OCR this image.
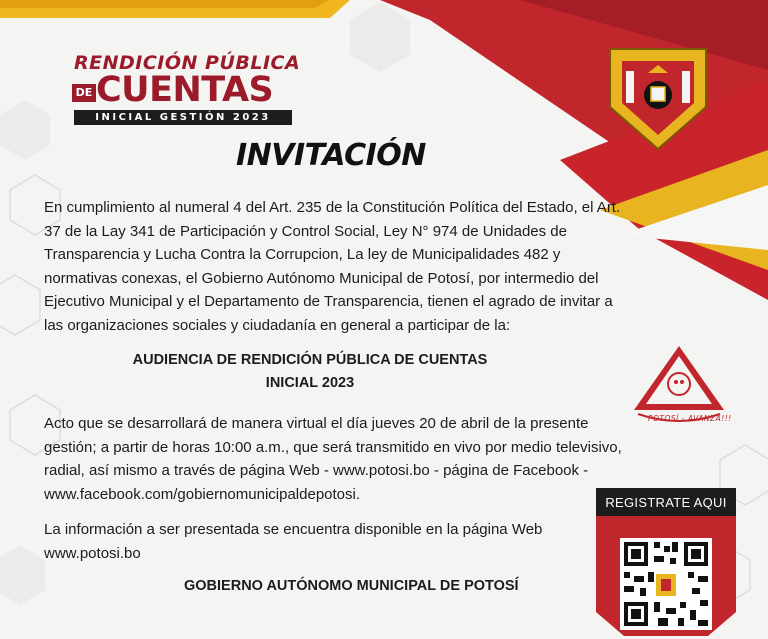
RENDICIÓN PÚBLICA
DE CUENTAS
INICIAL GESTIÓN 2023
INVITACIÓN

En cumplimiento al numeral 4 del Art. 235 de la Constitución Política del Estado, el Art. 37 de la Lay 341 de Participación y Control Social, Ley N° 974 de Unidades de Transparencia y Lucha Contra la Corrupcion, La ley de Municipalidades 482 y normativas conexas, el Gobierno Autónomo Municipal de Potosí, por intermedio del Ejecutivo Municipal y el Departamento de Transparencia, tienen el agrado de invitar a las organizaciones sociales y ciudadanía en general a participar de la:

AUDIENCIA DE RENDICIÓN PÚBLICA DE CUENTAS
INICIAL 2023

Acto que se desarrollará de manera virtual el día jueves 20 de abril de la presente gestión; a partir de horas 10:00 a.m., que será transmitido en vivo por medio televisivo, radial, así mismo a través de página Web - www.potosi.bo - página de Facebook - www.facebook.com/gobiernomunicipaldepotosi.

La información a ser presentada se encuentra disponible en la página Web www.potosi.bo

GOBIERNO AUTÓNOMO MUNICIPAL DE POTOSÍ
POTOSÍ - AVANZA!!!
REGISTRATE AQUI
